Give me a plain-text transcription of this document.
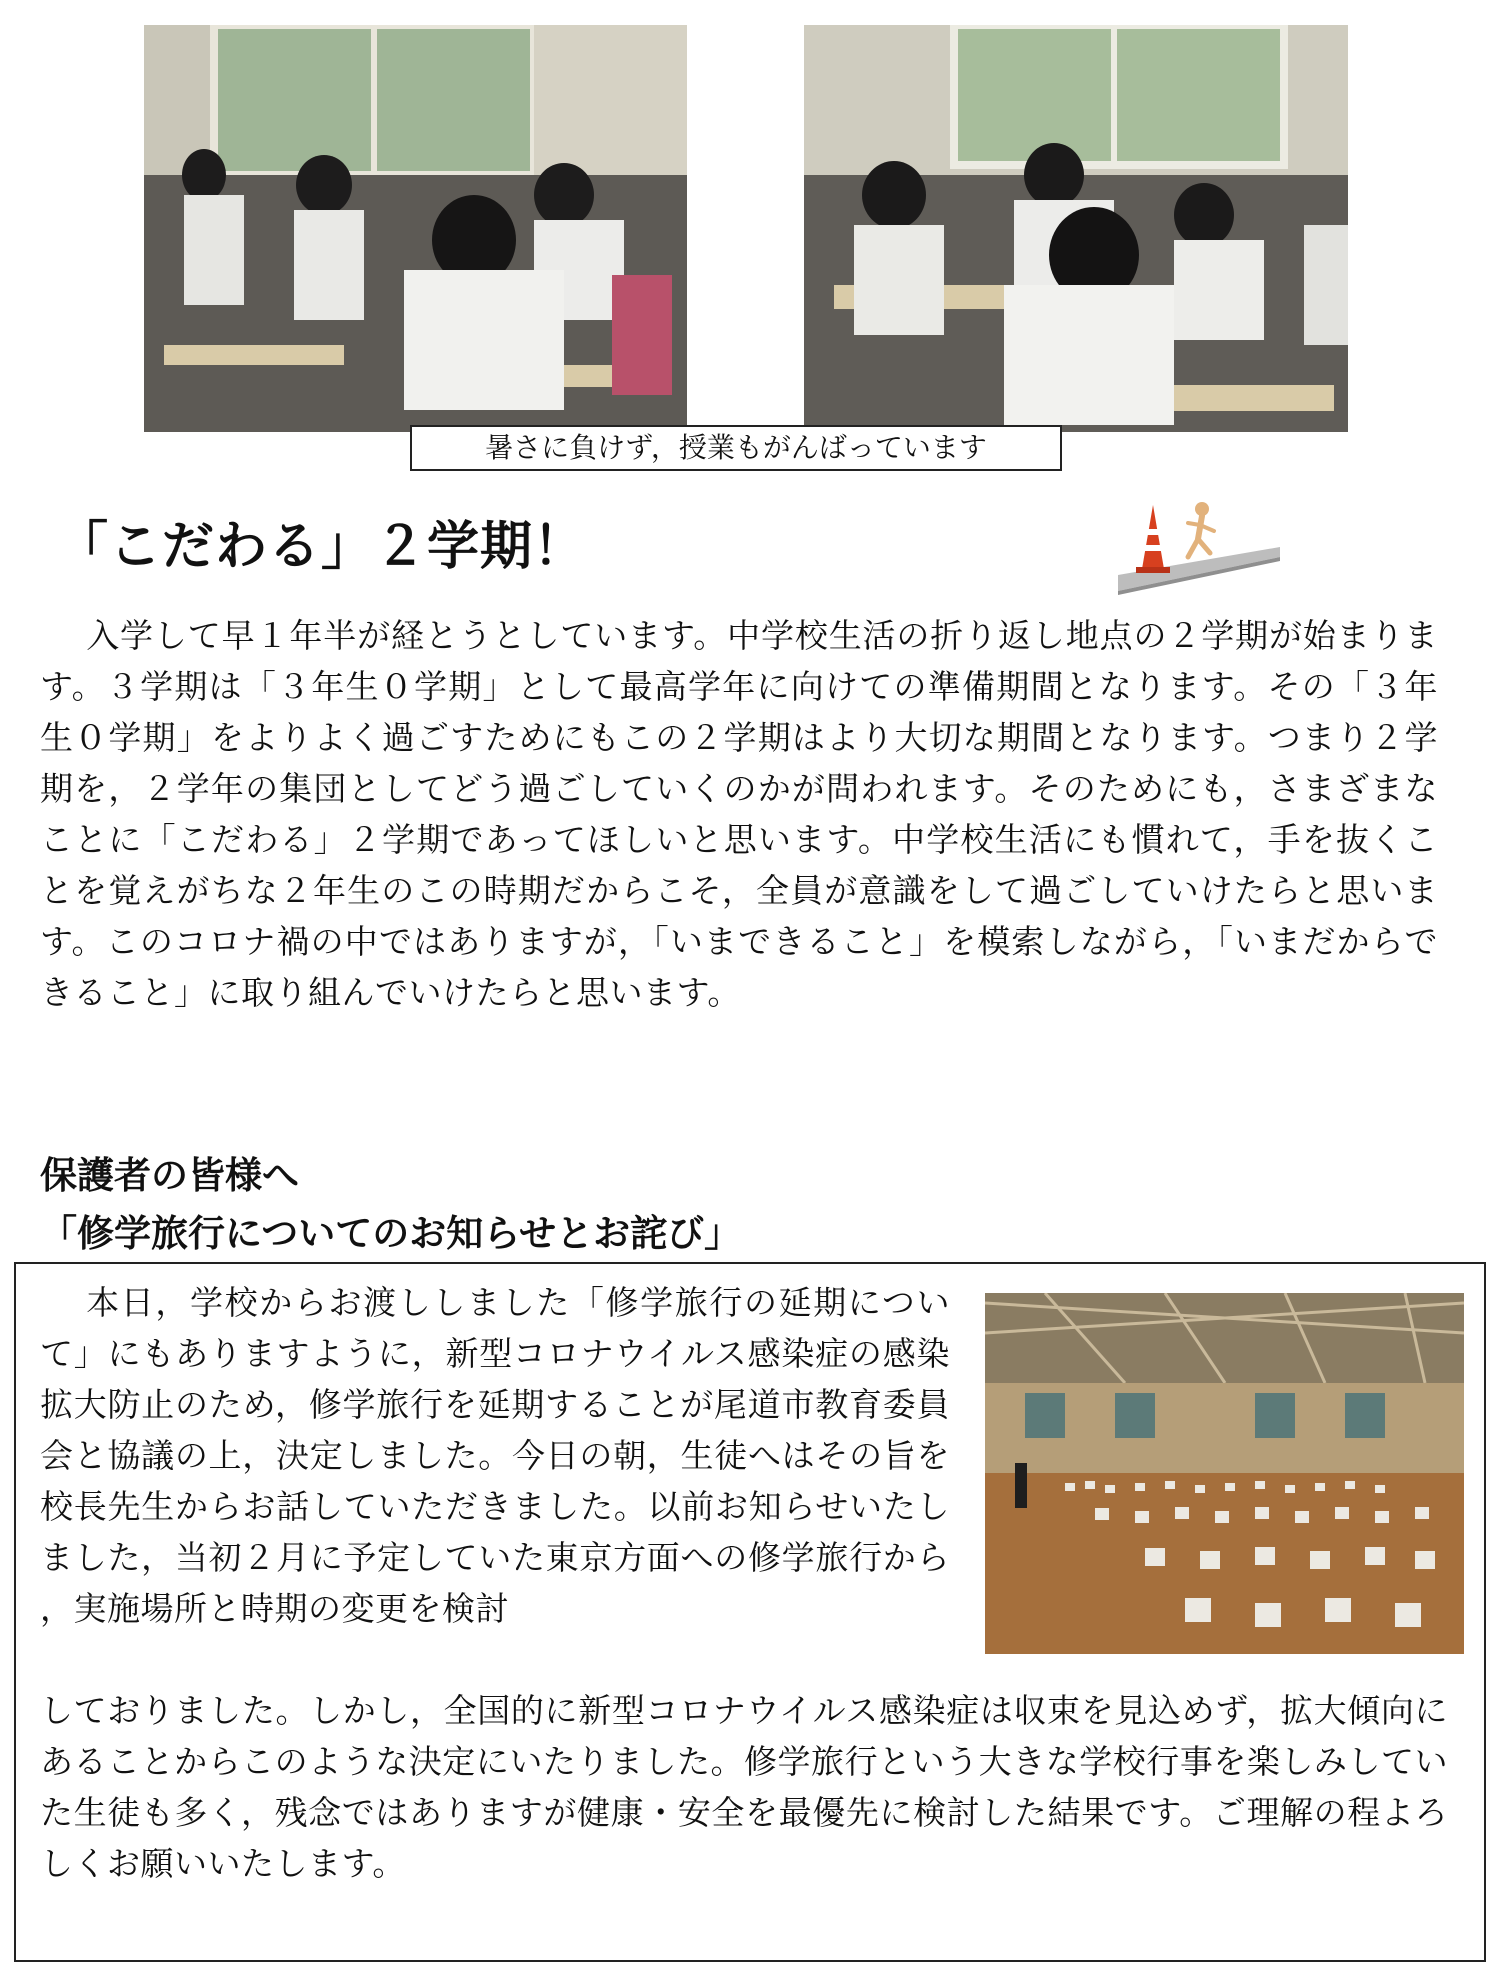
暑さに負けず，授業もがんばっています
「こだわる」２学期！

入学して早１年半が経とうとしています。中学校生活の折り返し地点の２学期が始まります。３学期は「３年生０学期」として最高学年に向けての準備期間となります。その「３年生０学期」をよりよく過ごすためにもこの２学期はより大切な期間となります。つまり２学期を，２学年の集団としてどう過ごしていくのかが問われます。そのためにも，さまざまなことに「こだわる」２学期であってほしいと思います。中学校生活にも慣れて，手を抜くことを覚えがちな２年生のこの時期だからこそ，全員が意識をして過ごしていけたらと思います。このコロナ禍の中ではありますが，「いまできること」を模索しながら，「いまだからできること」に取り組んでいけたらと思います。

保護者の皆様へ
「修学旅行についてのお知らせとお詫び」

本日，学校からお渡ししました「修学旅行の延期について」にもありますように，新型コロナウイルス感染症の感染拡大防止のため，修学旅行を延期することが尾道市教育委員会と協議の上，決定しました。今日の朝，生徒へはその旨を校長先生からお話していただきました。以前お知らせいたしました，当初２月に予定していた東京方面への修学旅行から，実施場所と時期の変更を検討

しておりました。しかし，全国的に新型コロナウイルス感染症は収束を見込めず，拡大傾向にあることからこのような決定にいたりました。修学旅行という大きな学校行事を楽しみしていた生徒も多く，残念ではありますが健康・安全を最優先に検討した結果です。ご理解の程よろしくお願いいたします。
